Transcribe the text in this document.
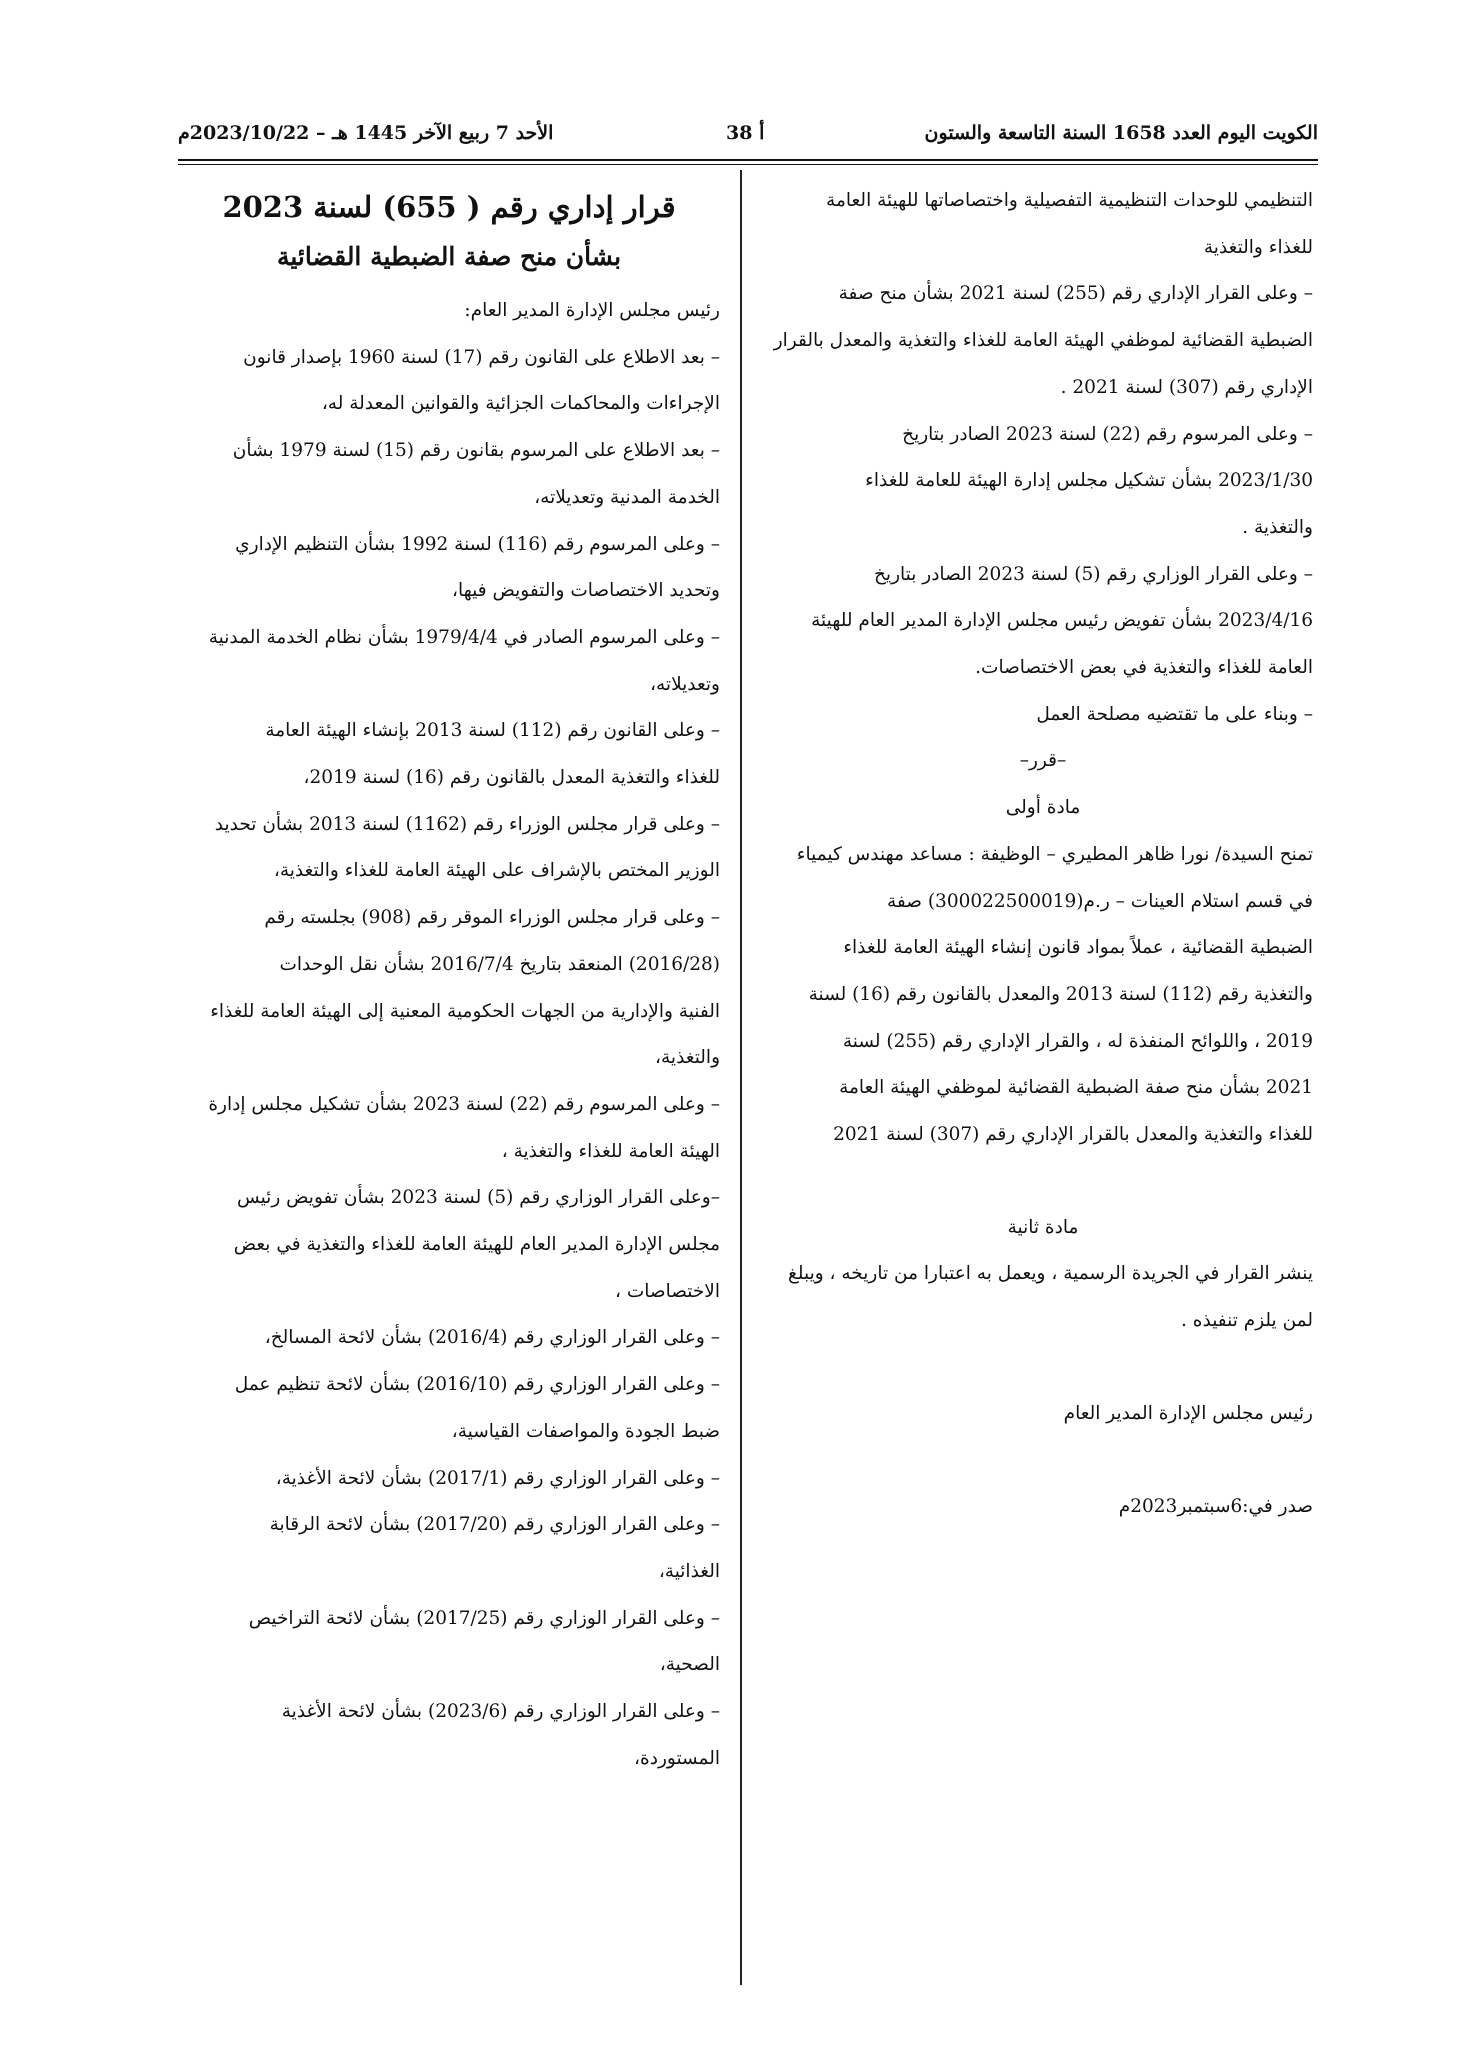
الكويت اليوم العدد 1658 السنة التاسعة والستون
أ 38
الأحد 7 ربيع الآخر 1445 هـ – 2023/10/22م
التنظيمي للوحدات التنظيمية التفصيلية واختصاصاتها للهيئة العامة
للغذاء والتغذية
– وعلى القرار الإداري رقم (255) لسنة 2021 بشأن منح صفة
الضبطية القضائية لموظفي الهيئة العامة للغذاء والتغذية والمعدل بالقرار
الإداري رقم (307) لسنة 2021 .
– وعلى المرسوم رقم (22) لسنة 2023 الصادر بتاريخ
2023/1/30 بشأن تشكيل مجلس إدارة الهيئة للعامة للغذاء
والتغذية .
– وعلى القرار الوزاري رقم (5) لسنة 2023 الصادر بتاريخ
2023/4/16 بشأن تفويض رئيس مجلس الإدارة المدير العام للهيئة
العامة للغذاء والتغذية في بعض الاختصاصات.
– وبناء على ما تقتضيه مصلحة العمل
–قرر–
مادة أولى
تمنح السيدة/ نورا ظاهر المطيري – الوظيفة : مساعد مهندس كيمياء
في قسم استلام العينات – ر.م(300022500019) صفة
الضبطية القضائية ، عملاً بمواد قانون إنشاء الهيئة العامة للغذاء
والتغذية رقم (112) لسنة 2013 والمعدل بالقانون رقم (16) لسنة
2019 ، واللوائح المنفذة له ، والقرار الإداري رقم (255) لسنة
2021 بشأن منح صفة الضبطية القضائية لموظفي الهيئة العامة
للغذاء والتغذية والمعدل بالقرار الإداري رقم (307) لسنة 2021
مادة ثانية
ينشر القرار في الجريدة الرسمية ، ويعمل به اعتبارا من تاريخه ، ويبلغ
لمن يلزم تنفيذه .
رئيس مجلس الإدارة المدير العام
صدر في:6سبتمبر2023م
قرار إداري رقم ( 655) لسنة 2023
بشأن منح صفة الضبطية القضائية
رئيس مجلس الإدارة المدير العام:
– بعد الاطلاع على القانون رقم (17) لسنة 1960 بإصدار قانون
الإجراءات والمحاكمات الجزائية والقوانين المعدلة له،
– بعد الاطلاع على المرسوم بقانون رقم (15) لسنة 1979 بشأن
الخدمة المدنية وتعديلاته،
– وعلى المرسوم رقم (116) لسنة 1992 بشأن التنظيم الإداري
وتحديد الاختصاصات والتفويض فيها،
– وعلى المرسوم الصادر في 1979/4/4 بشأن نظام الخدمة المدنية
وتعديلاته،
– وعلى القانون رقم (112) لسنة 2013 بإنشاء الهيئة العامة
للغذاء والتغذية المعدل بالقانون رقم (16) لسنة 2019،
– وعلى قرار مجلس الوزراء رقم (1162) لسنة 2013 بشأن تحديد
الوزير المختص بالإشراف على الهيئة العامة للغذاء والتغذية،
– وعلى قرار مجلس الوزراء الموقر رقم (908) بجلسته رقم
(2016/28) المنعقد بتاريخ 2016/7/4 بشأن نقل الوحدات
الفنية والإدارية من الجهات الحكومية المعنية إلى الهيئة العامة للغذاء
والتغذية،
– وعلى المرسوم رقم (22) لسنة 2023 بشأن تشكيل مجلس إدارة
الهيئة العامة للغذاء والتغذية ،
–وعلى القرار الوزاري رقم (5) لسنة 2023 بشأن تفويض رئيس
مجلس الإدارة المدير العام للهيئة العامة للغذاء والتغذية في بعض
الاختصاصات ،
– وعلى القرار الوزاري رقم (2016/4) بشأن لائحة المسالخ،
– وعلى القرار الوزاري رقم (2016/10) بشأن لائحة تنظيم عمل
ضبط الجودة والمواصفات القياسية،
– وعلى القرار الوزاري رقم (2017/1) بشأن لائحة الأغذية،
– وعلى القرار الوزاري رقم (2017/20) بشأن لائحة الرقابة
الغذائية،
– وعلى القرار الوزاري رقم (2017/25) بشأن لائحة التراخيص
الصحية،
– وعلى القرار الوزاري رقم (2023/6) بشأن لائحة الأغذية
المستوردة،
